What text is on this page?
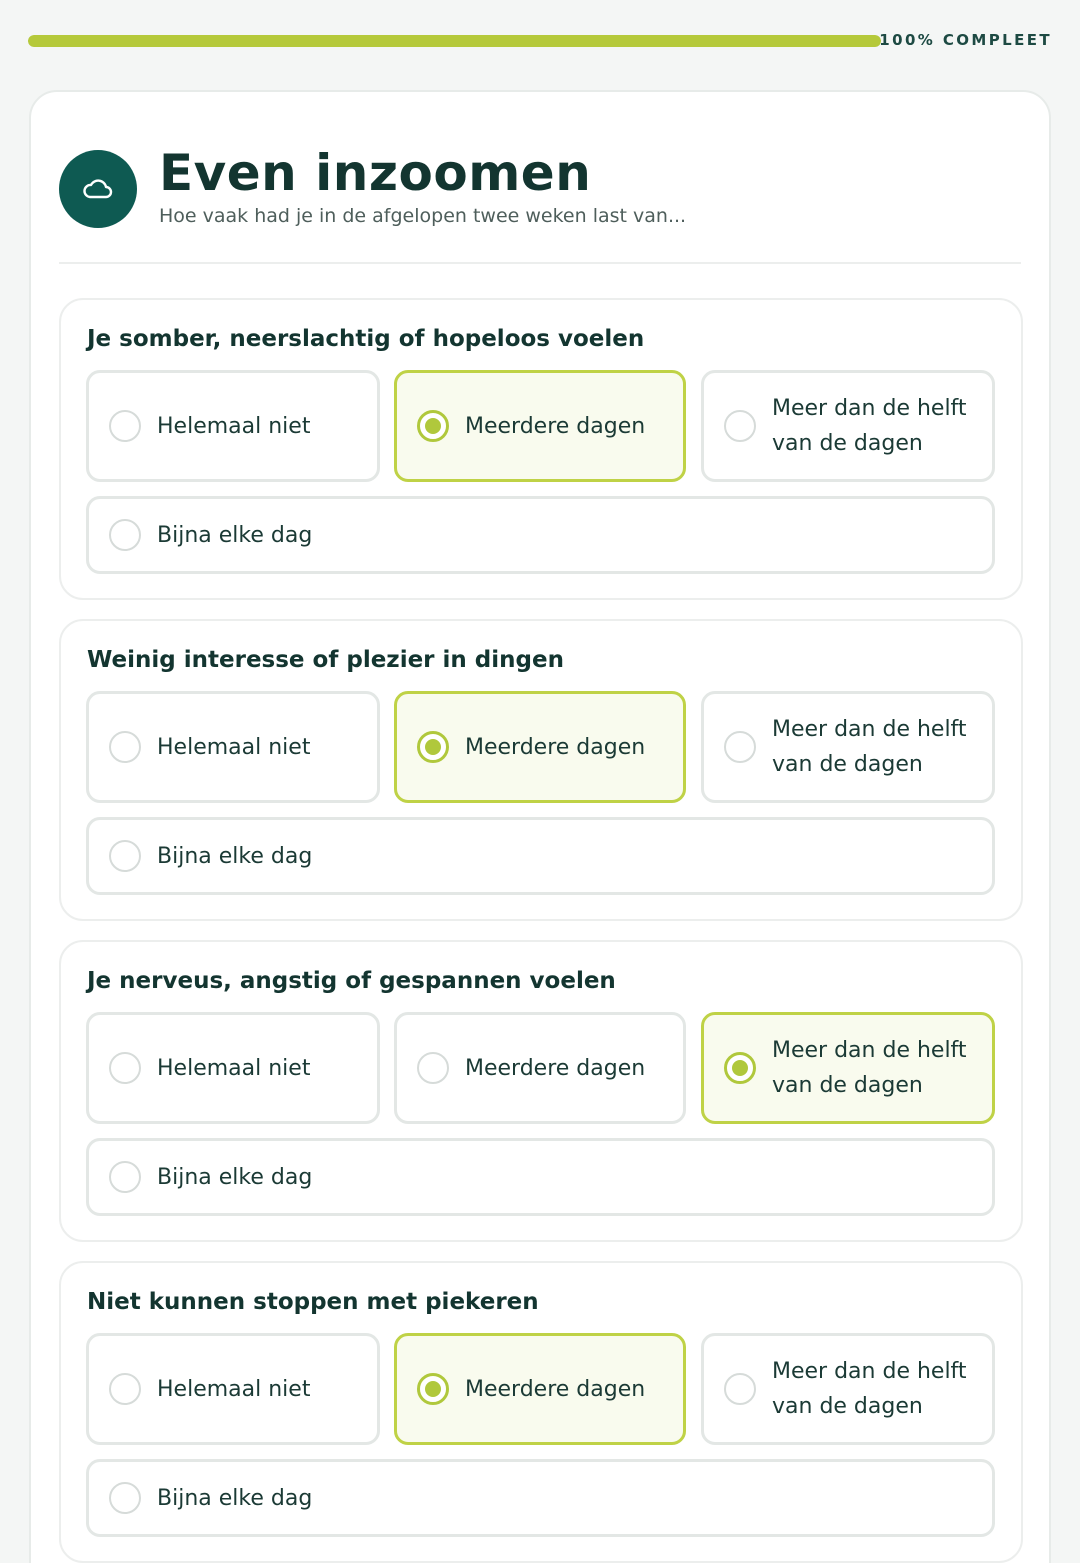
100% COMPLEET
Even inzoomen

Hoe vaak had je in de afgelopen twee weken last van...

Je somber, neerslachtig of hopeloos voelen
Helemaal niet	Meerdere dagen
Meer dan de helft van de dagen
Bijna elke dag
Weinig interesse of plezier in dingen
Helemaal niet	Meerdere dagen
Meer dan de helft van de dagen
Bijna elke dag
Je nerveus, angstig of gespannen voelen
Helemaal niet	Meerdere dagen
Meer dan de helft van de dagen
Bijna elke dag
Niet kunnen stoppen met piekeren
Helemaal niet	Meerdere dagen
Meer dan de helft van de dagen
Bijna elke dag
